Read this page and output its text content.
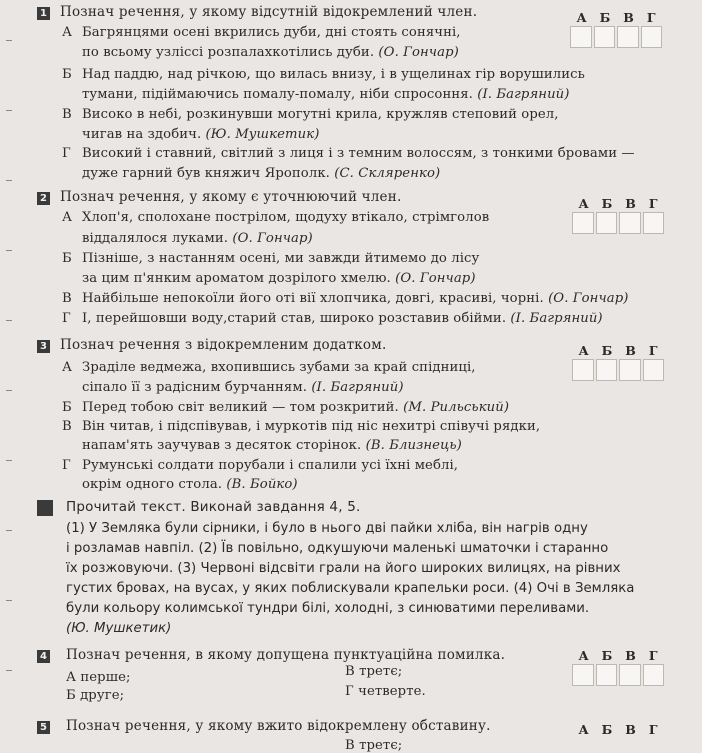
1 Познач речення, у якому відсутній відокремлений член.	А Б В Г
А Багрянцями осені вкрились дуби, дні стоять сонячні,
по всьому узліссі розпалахкотілись дуби. (О. Гончар)
Б Над паддю, над річкою, що вилась внизу, і в ущелинах гір ворушились
тумани, підіймаючись помалу-помалу, ніби спросоння. (І. Багряний)
В Високо в небі, розкинувши могутні крила, кружляв степовий орел,
чигав на здобич. (Ю. Мушкетик)
Г Високий і ставний, світлий з лиця і з темним волоссям, з тонкими бровами —
дуже гарний був княжич Ярополк. (С. Скляренко)
2 Познач речення, у якому є уточнюючий член.	А Б В Г
А Хлоп'я, сполохане пострілом, щодуху втікало, стрімголов
віддалялося луками. (О. Гончар)
Б Пізніше, з настанням осені, ми завжди йтимемо до лісу
за цим п'янким ароматом дозрілого хмелю. (О. Гончар)
В Найбільше непокоїли його оті вії хлопчика, довгі, красиві, чорні. (О. Гончар)
Г І, перейшовши воду,старий став, широко розставив обійми. (І. Багряний)
3 Познач речення з відокремленим додатком.	А Б В Г
А Зраділе ведмежа, вхопившись зубами за край спідниці,
сіпало її з радісним бурчанням. (І. Багряний)
Б Перед тобою світ великий — том розкритий. (М. Рильський)
В Він читав, і підспівував, і муркотів під ніс нехитрі співучі рядки,
напам'ять заучував з десяток сторінок. (В. Близнець)
Г Румунські солдати порубали і спалили усі їхні меблі,
окрім одного стола. (В. Бойко)
Прочитай текст. Виконай завдання 4, 5.
(1) У Земляка були сірники, і було в нього дві пайки хліба, він нагрів одну
і розламав навпіл. (2) Їв повільно, одкушуючи маленькі шматочки і старанно
їх розжовуючи. (3) Червоні відсвіти грали на його широких вилицях, на рівних
густих бровах, на вусах, у яких поблискували крапельки роси. (4) Очі в Земляка
були кольору колимської тундри білі, холодні, з синюватими переливами.
(Ю. Мушкетик)
4 Познач речення, в якому допущена пунктуаційна помилка.	А Б В Г
А перше;
Б друге;
В третє;
Г четверте.
5 Познач речення, у якому вжито відокремлену обставину.	А Б В Г
В третє;
